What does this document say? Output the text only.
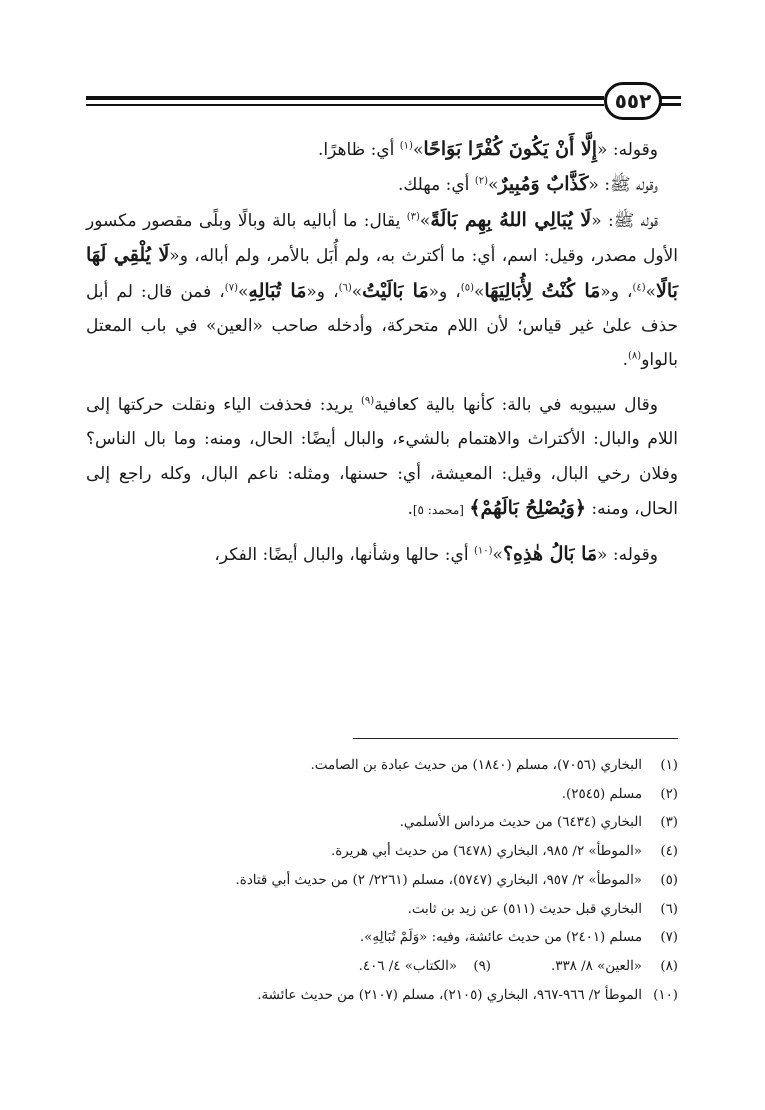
٥٥٢

وقوله: «إِلَّا أَنْ يَكُونَ كُفْرًا بَوَاحًا»$^{(١)}$ أي: ظاهرًا.

وقوله ﷺ: «كَذَّابٌ وَمُبِيرٌ»$^{(٢)}$ أي: مهلك.

قوله ﷺ: «لَا يُبَالِي اللهُ بِهِم بَالَةً»$^{(٣)}$ يقال: ما أباليه بالة وبالًا وبلًى مقصور مكسور الأول مصدر، وقيل: اسم، أي: ما أكترث به، ولم أُبَل بالأمر، ولم أباله، و«لَا يُلْقِي لَهَا بَالًا»$^{(٤)}$، و«مَا كُنْتُ لِأُبَالِيَهَا»$^{(٥)}$، و«مَا بَالَيْتُ»$^{(٦)}$، و«مَا تُبَالِهِ»$^{(٧)}$، فمن قال: لم أبل حذف علىٰ غير قياس؛ لأن اللام متحركة، وأدخله صاحب «العين» في باب المعتل بالواو$^{(٨)}$.

وقال سيبويه في بالة: كأنها بالية كعافية$^{(٩)}$ يريد: فحذفت الياء ونقلت حركتها إلى اللام والبال: الأكتراث والاهتمام بالشيء، والبال أيضًا: الحال، ومنه: وما بال الناس؟ وفلان رخي البال، وقيل: المعيشة، أي: حسنها، ومثله: ناعم البال، وكله راجع إلى الحال، ومنه: ﴿وَيُصْلِحُ بَالَهُمْ﴾ [محمد: ٥].

وقوله: «مَا بَالُ هٰذِهِ؟»$^{(١٠)}$ أي: حالها وشأنها، والبال أيضًا: الفكر،

(١)
البخاري (٧٠٥٦)، مسلم (١٨٤٠) من حديث عبادة بن الصامت.
(٢)
مسلم (٢٥٤٥).
(٣)
البخاري (٦٤٣٤) من حديث مرداس الأسلمي.
(٤)
«الموطأ» ٢/ ٩٨٥، البخاري (٦٤٧٨) من حديث أبي هريرة.
(٥)
«الموطأ» ٢/ ٩٥٧، البخاري (٥٧٤٧)، مسلم (٢٢٦١/ ٢) من حديث أبي قتادة.
(٦)
البخاري قبل حديث (٥١١) عن زيد بن ثابت.
(٧)
مسلم (٢٤٠١) من حديث عائشة، وفيه: «وَلَمْ تُبَالِهِ».
(٨)
«العين» ٨/ ٣٣٨.
(٩)
«الكتاب» ٤/ ٤٠٦.
(١٠)
الموطأ ٢/ ٩٦٦-٩٦٧، البخاري (٢١٠٥)، مسلم (٢١٠٧) من حديث عائشة.
